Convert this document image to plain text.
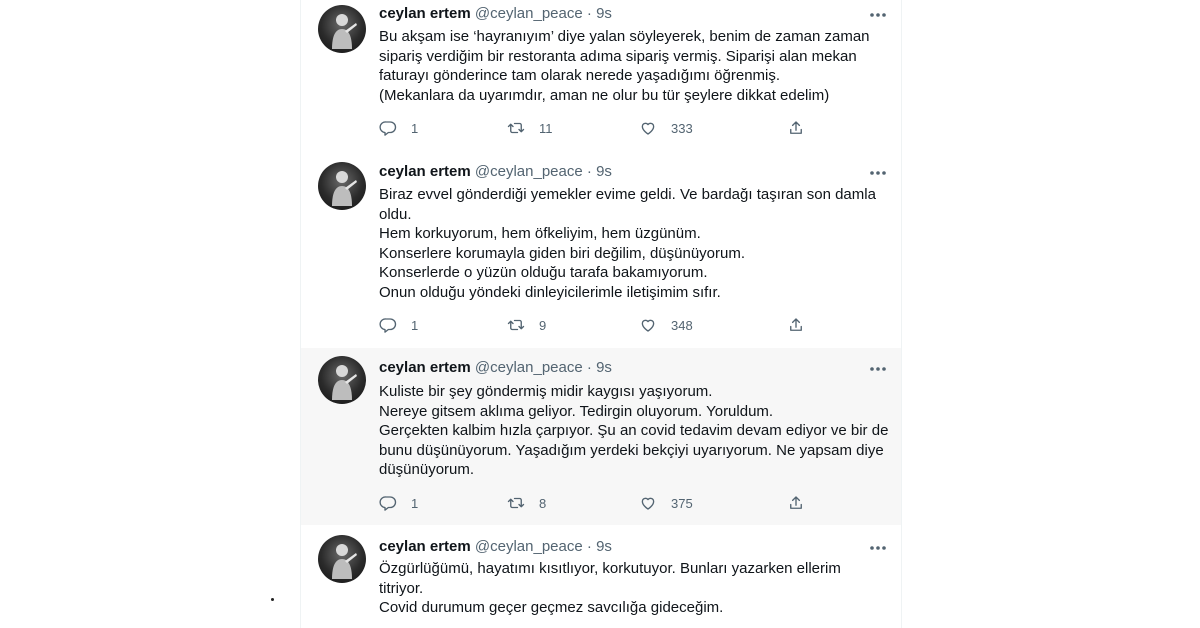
ceylan ertem @ceylan_peace · 9s
Bu akşam ise ‘hayranıyım’ diye yalan söyleyerek, benim de zaman zaman
sipariş verdiğim bir restoranta adıma sipariş vermiş. Siparişi alan mekan
faturayı gönderince tam olarak nerede yaşadığımı öğrenmiş.
(Mekanlara da uyarımdır, aman ne olur bu tür şeylere dikkat edelim)
1	11	333
ceylan ertem @ceylan_peace · 9s
Biraz evvel gönderdiği yemekler evime geldi. Ve bardağı taşıran son damla
oldu.
Hem korkuyorum, hem öfkeliyim, hem üzgünüm.
Konserlere korumayla giden biri değilim, düşünüyorum.
Konserlerde o yüzün olduğu tarafa bakamıyorum.
Onun olduğu yöndeki dinleyicilerimle iletişimim sıfır.
1	9	348
ceylan ertem @ceylan_peace · 9s
Kuliste bir şey göndermiş midir kaygısı yaşıyorum.
Nereye gitsem aklıma geliyor. Tedirgin oluyorum. Yoruldum.
Gerçekten kalbim hızla çarpıyor. Şu an covid tedavim devam ediyor ve bir de
bunu düşünüyorum. Yaşadığım yerdeki bekçiyi uyarıyorum. Ne yapsam diye
düşünüyorum.
1	8	375
ceylan ertem @ceylan_peace · 9s
Özgürlüğümü, hayatımı kısıtlıyor, korkutuyor. Bunları yazarken ellerim
titriyor.
Covid durumum geçer geçmez savcılığa gideceğim.
